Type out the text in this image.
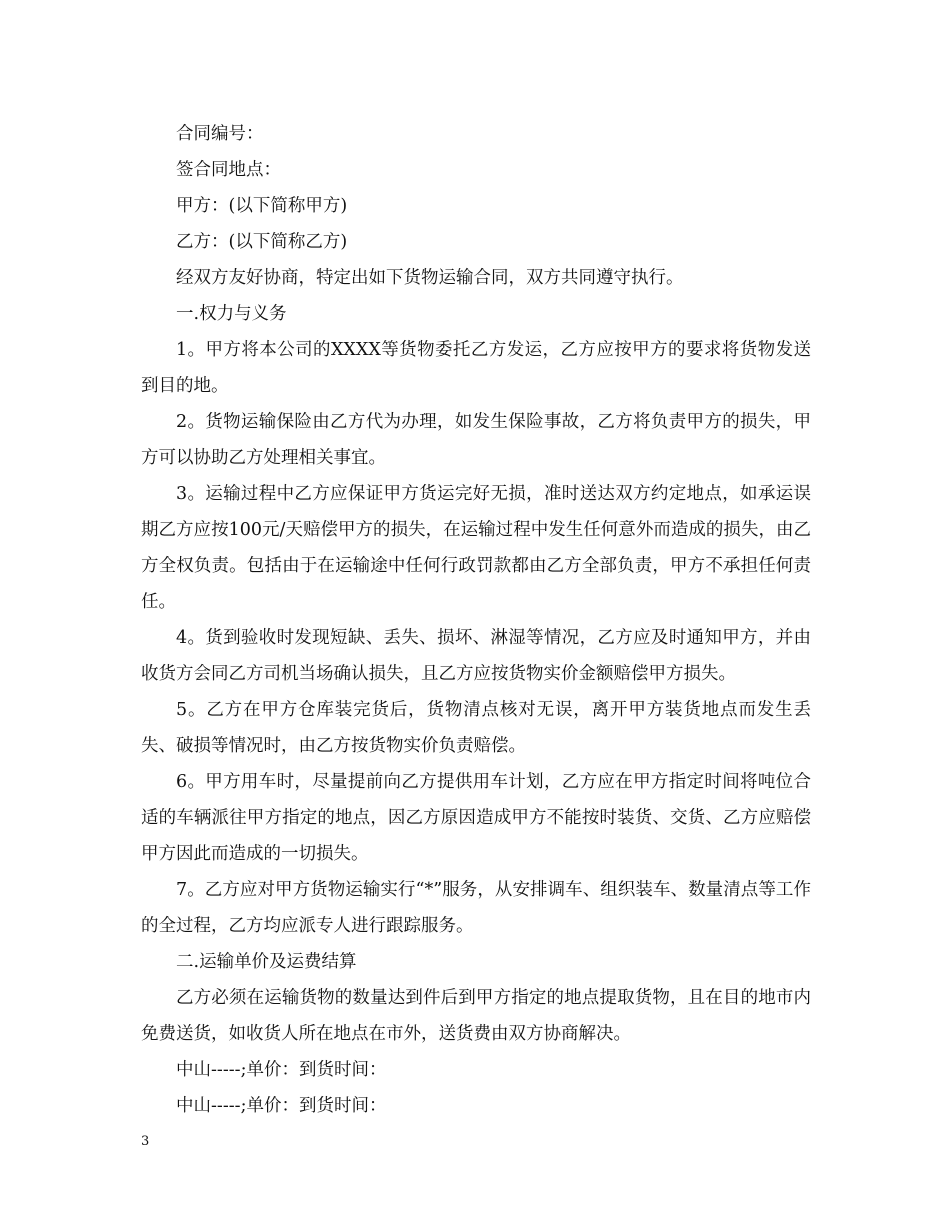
合同编号：

签合同地点：

甲方：(以下简称甲方)

乙方：(以下简称乙方)

经双方友好协商，特定出如下货物运输合同，双方共同遵守执行。

一.权力与义务

1。甲方将本公司的XXXX等货物委托乙方发运，乙方应按甲方的要求将货物发送到目的地。

2。货物运输保险由乙方代为办理，如发生保险事故，乙方将负责甲方的损失，甲方可以协助乙方处理相关事宜。

3。运输过程中乙方应保证甲方货运完好无损，准时送达双方约定地点，如承运误期乙方应按100元/天赔偿甲方的损失，在运输过程中发生任何意外而造成的损失，由乙方全权负责。包括由于在运输途中任何行政罚款都由乙方全部负责，甲方不承担任何责任。

4。货到验收时发现短缺、丢失、损坏、淋湿等情况，乙方应及时通知甲方，并由收货方会同乙方司机当场确认损失，且乙方应按货物实价金额赔偿甲方损失。

5。乙方在甲方仓库装完货后，货物清点核对无误，离开甲方装货地点而发生丢失、破损等情况时，由乙方按货物实价负责赔偿。

6。甲方用车时，尽量提前向乙方提供用车计划，乙方应在甲方指定时间将吨位合适的车辆派往甲方指定的地点，因乙方原因造成甲方不能按时装货、交货、乙方应赔偿甲方因此而造成的一切损失。

7。乙方应对甲方货物运输实行“*”服务，从安排调车、组织装车、数量清点等工作的全过程，乙方均应派专人进行跟踪服务。

二.运输单价及运费结算

乙方必须在运输货物的数量达到件后到甲方指定的地点提取货物，且在目的地市内免费送货，如收货人所在地点在市外，送货费由双方协商解决。

中山-----;单价：到货时间：

中山-----;单价：到货时间：

3
